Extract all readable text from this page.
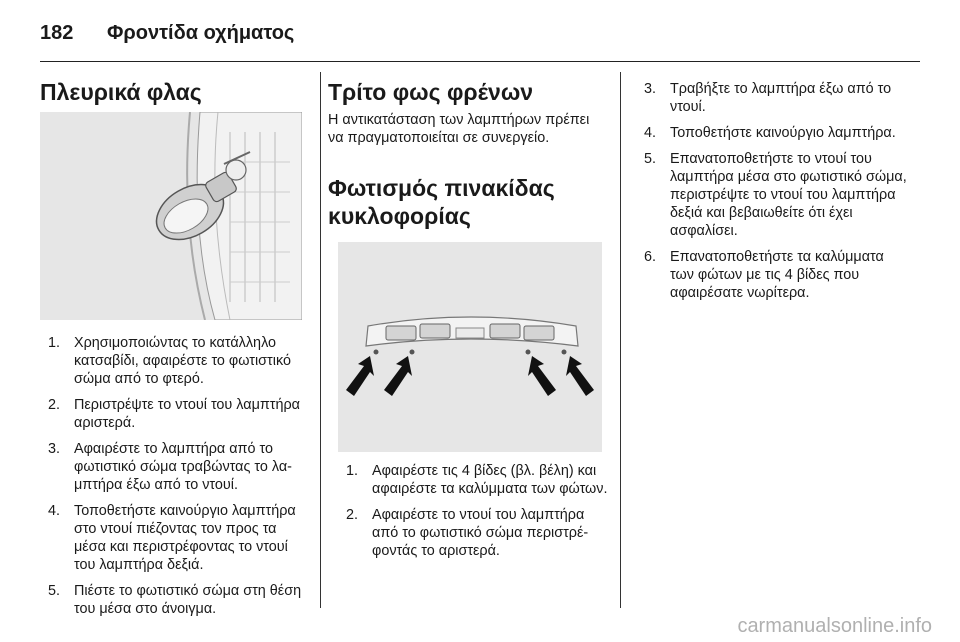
182 Φροντίδα οχήματος
Πλευρικά φλας
1. Χρησιμοποιώντας το κατάλληλο κατσαβίδι, αφαιρέστε το φωτιστικό σώμα από το φτερό.
2. Περιστρέψτε το ντουί του λαμπτήρα αριστερά.
3. Αφαιρέστε το λαμπτήρα από το φωτιστικό σώμα τραβώντας το λαμπτήρα έξω από το ντουί.
4. Τοποθετήστε καινούργιο λαμπτήρα στο ντουί πιέζοντας τον προς τα μέσα και περιστρέφοντας το ντουί του λαμπτήρα δεξιά.
5. Πιέστε το φωτιστικό σώμα στη θέση του μέσα στο άνοιγμα.
Τρίτο φως φρένων
Η αντικατάσταση των λαμπτήρων πρέπει να πραγματοποιείται σε συνεργείο.
Φωτισμός πινακίδας κυκλοφορίας
1. Αφαιρέστε τις 4 βίδες (βλ. βέλη) και αφαιρέστε τα καλύμματα των φώτων.
2. Αφαιρέστε το ντουί του λαμπτήρα από το φωτιστικό σώμα περιστρέφοντάς το αριστερά.
3. Τραβήξτε το λαμπτήρα έξω από το ντουί.
4. Τοποθετήστε καινούργιο λαμπτήρα.
5. Επανατοποθετήστε το ντουί του λαμπτήρα μέσα στο φωτιστικό σώμα, περιστρέψτε το ντουί του λαμπτήρα δεξιά και βεβαιωθείτε ότι έχει ασφαλίσει.
6. Επανατοποθετήστε τα καλύμματα των φώτων με τις 4 βίδες που αφαιρέσατε νωρίτερα.
carmanualsonline.info
